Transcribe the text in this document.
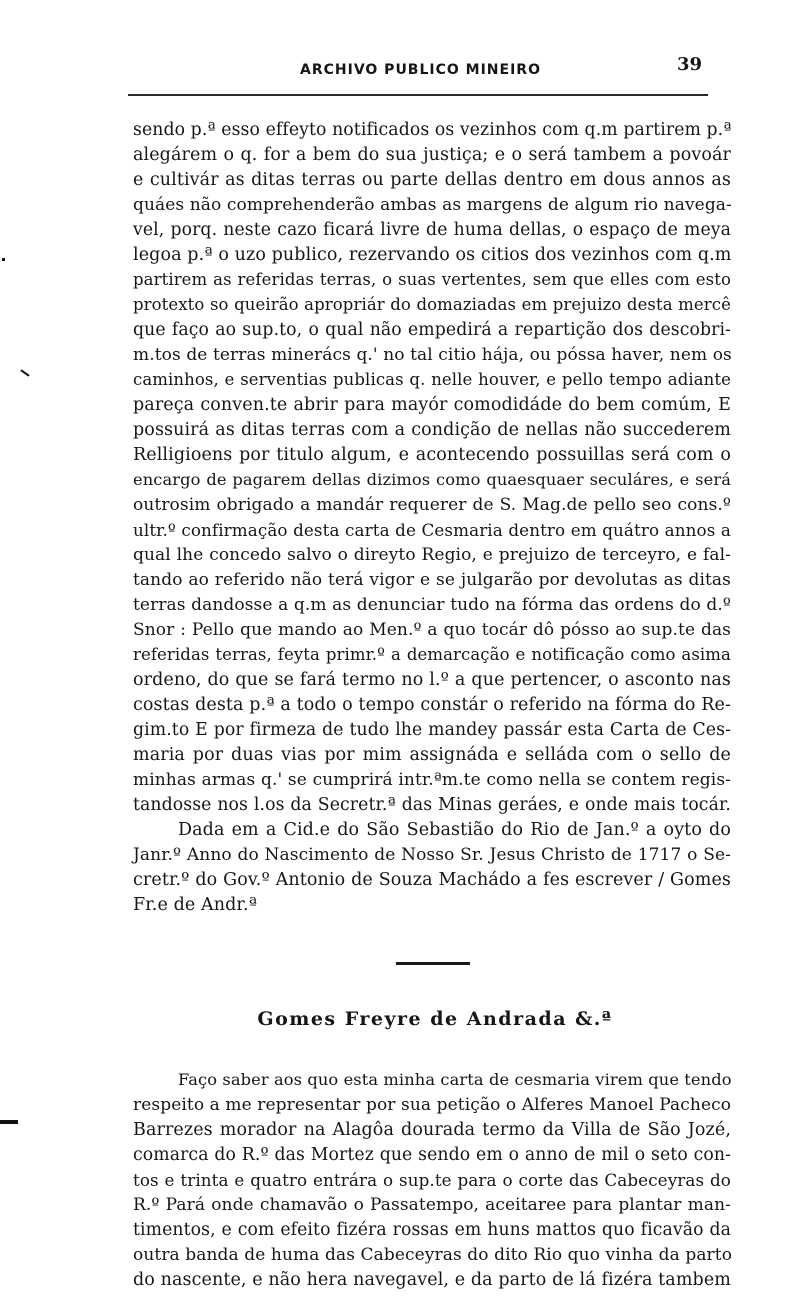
ARCHIVO PUBLICO MINEIRO	39
sendo p.ª esso effeyto notificados os vezinhos com q.m partirem p.ª
alegárem o q. for a bem do sua justiça; e o será tambem a povoár
e cultivár as ditas terras ou parte dellas dentro em dous annos as
quáes não comprehenderão ambas as margens de algum rio navega-
vel, porq. neste cazo ficará livre de huma dellas, o espaço de meya
legoa p.ª o uzo publico, rezervando os citios dos vezinhos com q.m
partirem as referidas terras, o suas vertentes, sem que elles com esto
protexto so queirão apropriár do domaziadas em prejuizo desta mercê
que faço ao sup.to, o qual não empedirá a repartição dos descobri-
m.tos de terras minerács q.' no tal citio hája, ou póssa haver, nem os
caminhos, e serventias publicas q. nelle houver, e pello tempo adiante
pareça conven.te abrir para mayór comodidáde do bem comúm, E
possuirá as ditas terras com a condição de nellas não succederem
Relligioens por titulo algum, e acontecendo possuillas será com o
encargo de pagarem dellas dizimos como quaesquaer seculáres, e será
outrosim obrigado a mandár requerer de S. Mag.de pello seo cons.º
ultr.º confirmação desta carta de Cesmaria dentro em quátro annos a
qual lhe concedo salvo o direyto Regio, e prejuizo de terceyro, e fal-
tando ao referido não terá vigor e se julgarão por devolutas as ditas
terras dandosse a q.m as denunciar tudo na fórma das ordens do d.º
Snor : Pello que mando ao Men.º a quo tocár dô pósso ao sup.te das
referidas terras, feyta primr.º a demarcação e notificação como asima
ordeno, do que se fará termo no l.º a que pertencer, o asconto nas
costas desta p.ª a todo o tempo constár o referido na fórma do Re-
gim.to E por firmeza de tudo lhe mandey passár esta Carta de Ces-
maria por duas vias por mim assignáda e selláda com o sello de
minhas armas q.' se cumprirá intr.ªm.te como nella se contem regis-
tandosse nos l.os da Secretr.ª das Minas geráes, e onde mais tocár.
Dada em a Cid.e do São Sebastião do Rio de Jan.º a oyto do
Janr.º Anno do Nascimento de Nosso Sr. Jesus Christo de 1717 o Se-
cretr.º do Gov.º Antonio de Souza Machádo a fes escrever / Gomes
Fr.e de Andr.ª
Gomes Freyre de Andrada &.ª
Faço saber aos quo esta minha carta de cesmaria virem que tendo
respeito a me representar por sua petição o Alferes Manoel Pacheco
Barrezes morador na Alagôa dourada termo da Villa de São Jozé,
comarca do R.º das Mortez que sendo em o anno de mil o seto con-
tos e trinta e quatro entrára o sup.te para o corte das Cabeceyras do
R.º Pará onde chamavão o Passatempo, aceitaree para plantar man-
timentos, e com efeito fizéra rossas em huns mattos quo ficavão da
outra banda de huma das Cabeceyras do dito Rio quo vinha da parto
do nascente, e não hera navegavel, e da parto de lá fizéra tambem
